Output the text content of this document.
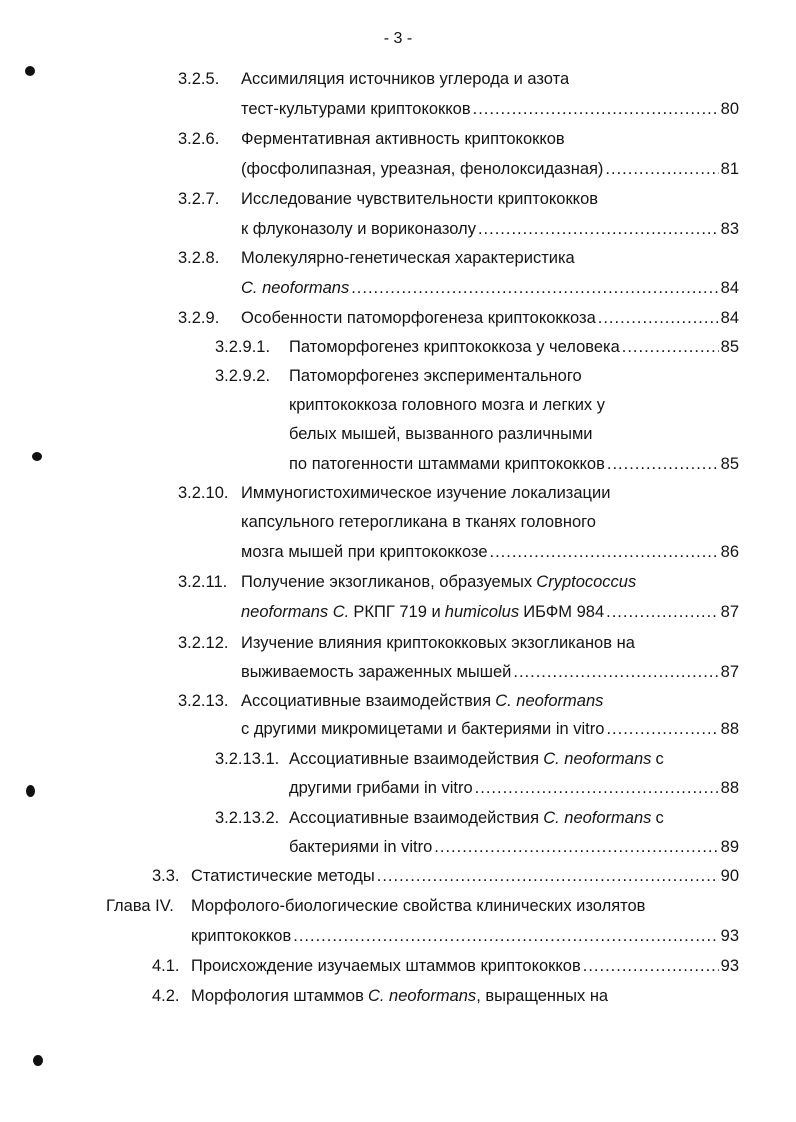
- 3 -
3.2.5. Ассимиляция источников углерода и азота
тест-культурами криптококков .....	80
3.2.6. Ферментативная активность криптококков
(фосфолипазная, уреазная, фенолоксидазная) .....	81
3.2.7. Исследование чувствительности криптококков
к флуконазолу и вориконазолу .....	83
3.2.8. Молекулярно-генетическая характеристика
C. neoformans .....	84
3.2.9. Особенности патоморфогенеза криптококкоза .....	84
3.2.9.1. Патоморфогенез криптококкоза у человека .....	85
3.2.9.2. Патоморфогенез экспериментального
криптококкоза головного мозга и легких у
белых мышей, вызванного различными
по патогенности штаммами криптококков .....	85
3.2.10. Иммуногистохимическое изучение локализации
капсульного гетерогликана в тканях головного
мозга мышей при криптококкозе .....	86
3.2.11. Получение экзогликанов, образуемых Cryptococcus
neoformans C. РКПГ 719 и humicolus ИБФМ 984 .....	87
3.2.12. Изучение влияния криптококковых экзогликанов на
выживаемость зараженных мышей .....	87
3.2.13. Ассоциативные взаимодействия C. neoformans
с другими микромицетами и бактериями in vitro .....	88
3.2.13.1. Ассоциативные взаимодействия C. neoformans с
другими грибами in vitro .....	88
3.2.13.2. Ассоциативные взаимодействия C. neoformans с
бактериями in vitro .....	89
3.3. Статистические методы .....	90
Глава IV. Морфолого-биологические свойства клинических изолятов
криптококков .....	93
4.1. Происхождение изучаемых штаммов криптококков .....	93
4.2. Морфология штаммов C. neoformans , выращенных на
